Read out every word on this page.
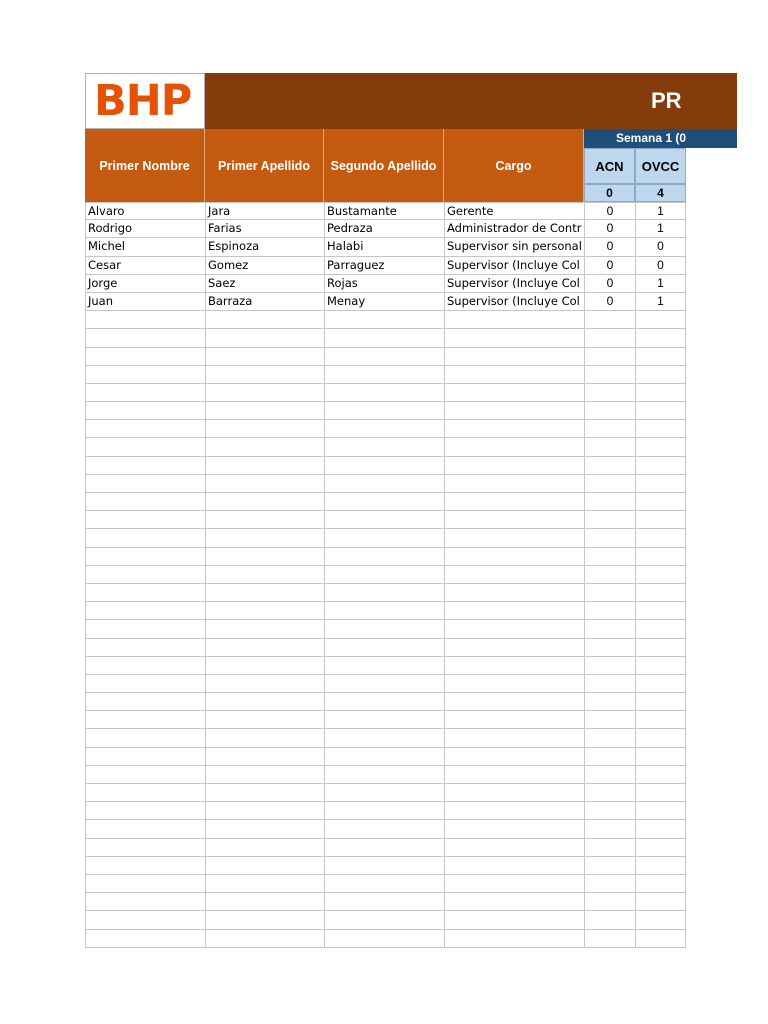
BHP	PR
Primer Nombre	Primer Apellido	Segundo Apellido	Cargo
Semana 1 (0
ACN	OVCC
0	4
Alvaro	Jara	Bustamante	Gerente	0	1
Rodrigo	Farias	Pedraza	Administrador de Contr	0	1
Michel	Espinoza	Halabi	Supervisor sin personal	0	0
Cesar	Gomez	Parraguez	Supervisor (Incluye Col	0	0
Jorge	Saez	Rojas	Supervisor (Incluye Col	0	1
Juan	Barraza	Menay	Supervisor (Incluye Col	0	1
